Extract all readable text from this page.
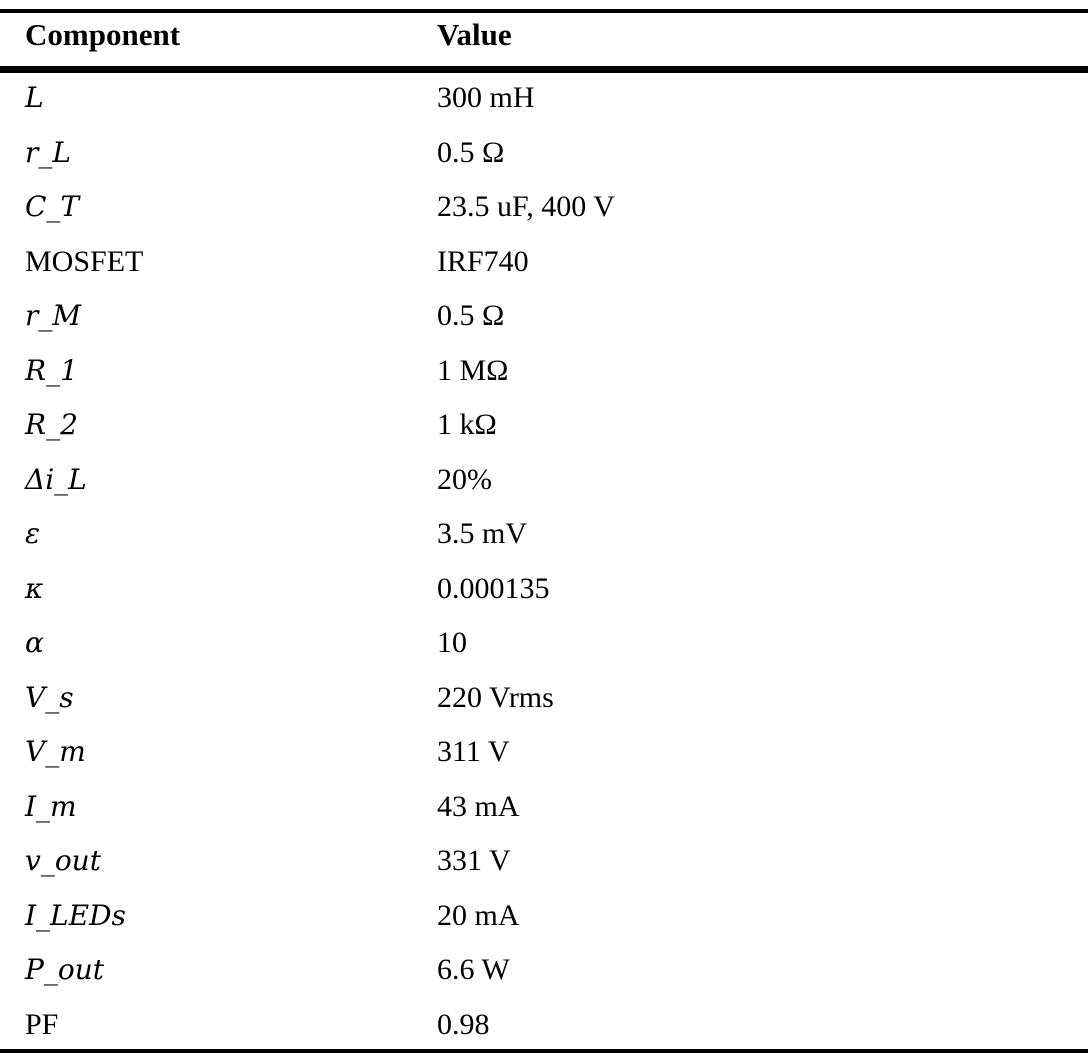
Component	Value
L	300 mH
r_L	0.5 Ω
C_T	23.5 uF, 400 V
MOSFET	IRF740
r_M	0.5 Ω
R_1	1 MΩ
R_2	1 kΩ
Δi_L	20%
ε	3.5 mV
κ	0.000135
α	10
V_s	220 Vrms
V_m	311 V
I_m	43 mA
v_out	331 V
I_LEDs	20 mA
P_out	6.6 W
PF	0.98
